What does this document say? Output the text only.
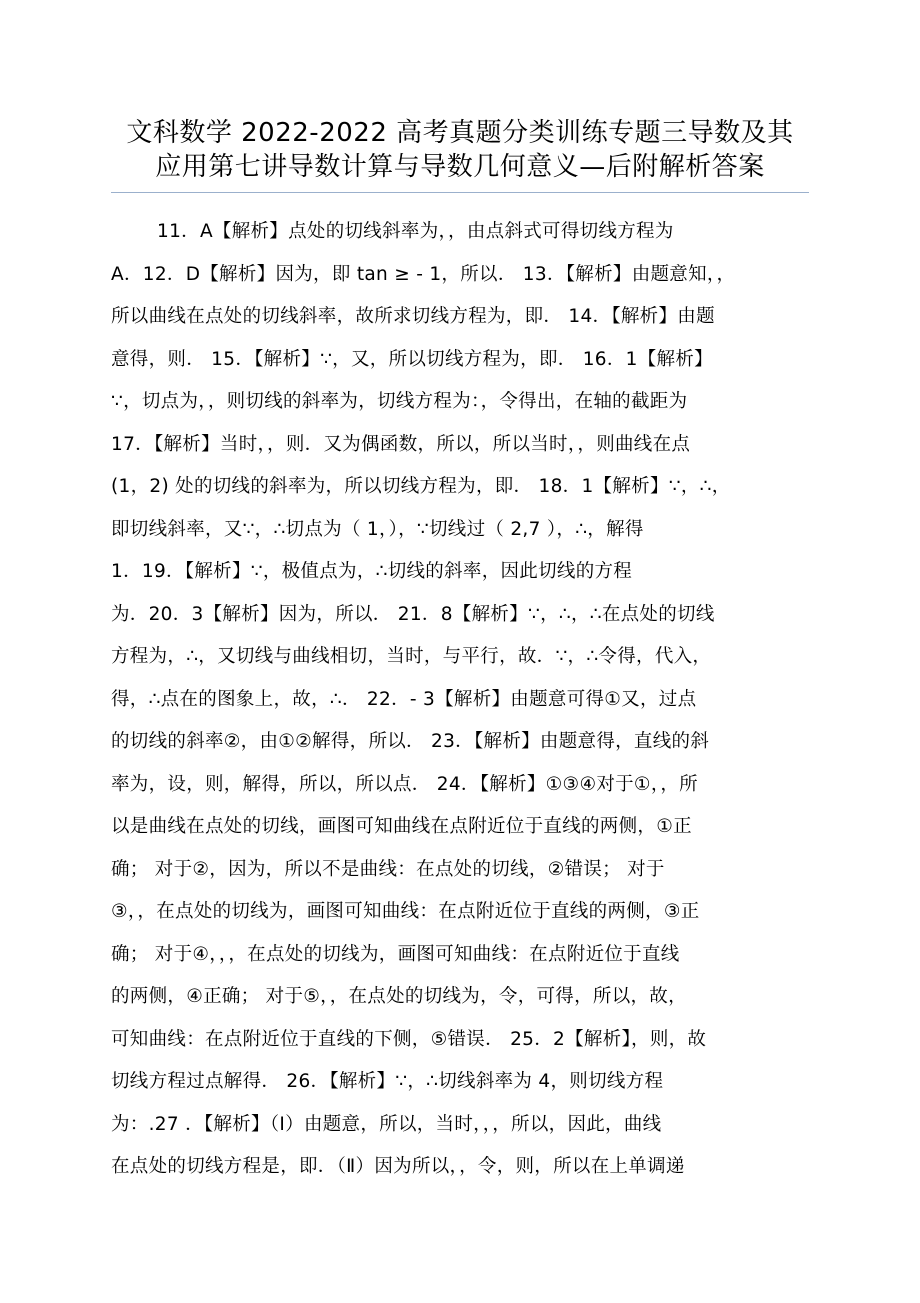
文科数学 2022-2022 高考真题分类训练专题三导数及其
应用第七讲导数计算与导数几何意义—后附解析答案
11．A【解析】点处的切线斜率为，，由点斜式可得切线方程为
A．12．D【解析】因为，即 tan ≥ - 1，所以． 13．【解析】由题意知，，
所以曲线在点处的切线斜率，故所求切线方程为，即． 14．【解析】由题
意得，则． 15．【解析】∵，又，所以切线方程为，即． 16．1【解析】
∵，切点为，，则切线的斜率为，切线方程为：，令得出，在轴的截距为
17．【解析】当时，，则．又为偶函数，所以，所以当时，，则曲线在点
(1，2) 处的切线的斜率为，所以切线方程为，即． 18．1【解析】∵，∴，
即切线斜率，又∵，∴切点为（ 1，），∵切线过（ 2,7 ），∴，解得
1．19．【解析】∵，极值点为，∴切线的斜率，因此切线的方程
为．20．3【解析】因为，所以． 21．8【解析】∵，∴，∴在点处的切线
方程为，∴，又切线与曲线相切，当时，与平行，故．∵，∴令得，代入，
得，∴点在的图象上，故，∴． 22．- 3【解析】由题意可得①又，过点
的切线的斜率②，由①②解得，所以． 23．【解析】由题意得，直线的斜
率为，设，则，解得，所以，所以点． 24．【解析】①③④对于①，，所
以是曲线在点处的切线，画图可知曲线在点附近位于直线的两侧，①正
确； 对于②，因为，所以不是曲线：在点处的切线，②错误； 对于
③，，在点处的切线为，画图可知曲线：在点附近位于直线的两侧，③正
确； 对于④，，，在点处的切线为，画图可知曲线：在点附近位于直线
的两侧，④正确； 对于⑤，，在点处的切线为，令，可得，所以，故，
可知曲线：在点附近位于直线的下侧，⑤错误． 25．2【解析】，则，故
切线方程过点解得． 26．【解析】∵，∴切线斜率为 4，则切线方程
为：.27 ．【解析】（Ⅰ）由题意，所以，当时，，，所以，因此，曲线
在点处的切线方程是，即．（Ⅱ）因为所以，，令，则，所以在上单调递
